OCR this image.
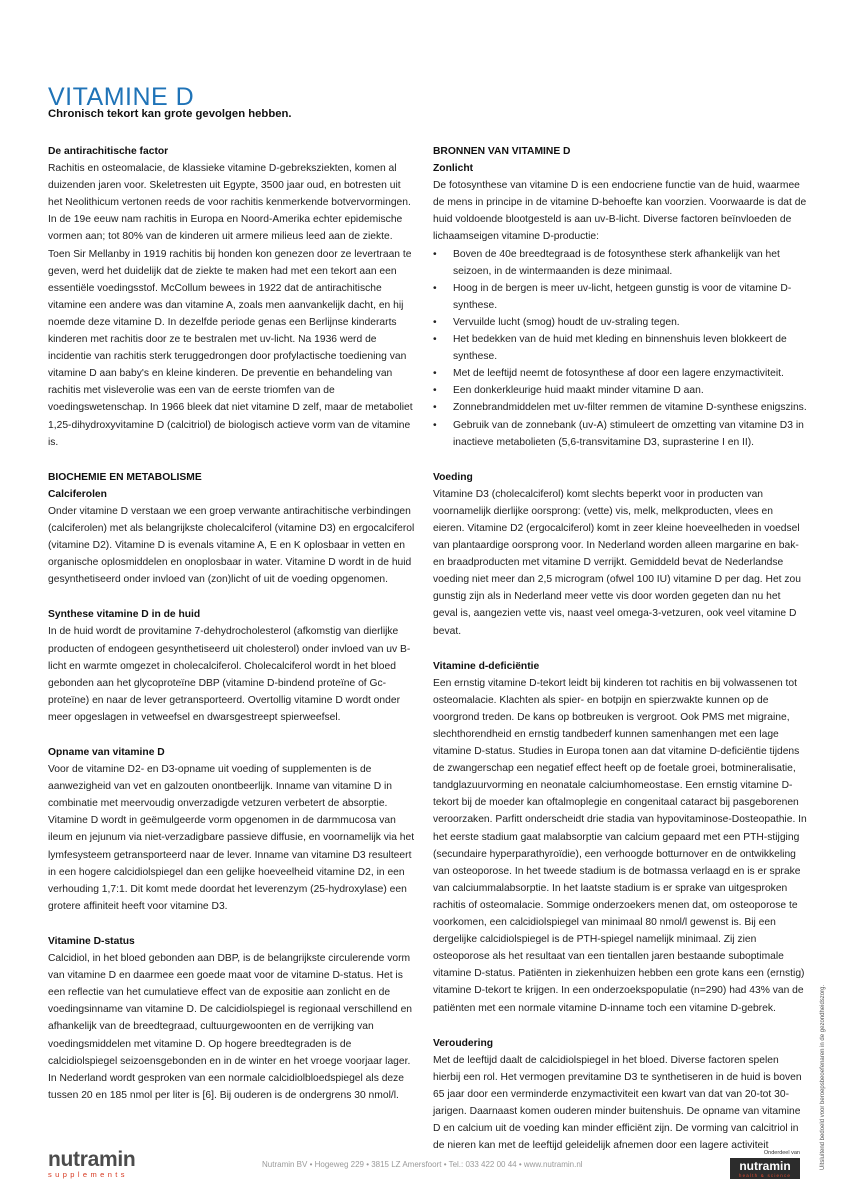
VITAMINE D
Chronisch tekort kan grote gevolgen hebben.
De antirachitische factor

Rachitis en osteomalacie, de klassieke vitamine D-gebreksziekten, komen al duizenden jaren voor. Skeletresten uit Egypte, 3500 jaar oud, en botresten uit het Neolithicum vertonen reeds de voor rachitis kenmerkende botvervormingen. In de 19e eeuw nam rachitis in Europa en Noord-Amerika echter epidemische vormen aan; tot 80% van de kinderen uit armere milieus leed aan de ziekte. Toen Sir Mellanby in 1919 rachitis bij honden kon genezen door ze levertraan te geven, werd het duidelijk dat de ziekte te maken had met een tekort aan een essentiële voedingsstof. McCollum bewees in 1922 dat de antirachitische vitamine een andere was dan vitamine A, zoals men aanvankelijk dacht, en hij noemde deze vitamine D. In dezelfde periode genas een Berlijnse kinderarts kinderen met rachitis door ze te bestralen met uv-licht. Na 1936 werd de incidentie van rachitis sterk teruggedrongen door profylactische toediening van vitamine D aan baby's en kleine kinderen. De preventie en behandeling van rachitis met visleverolie was een van de eerste triomfen van de voedingswetenschap. In 1966 bleek dat niet vitamine D zelf, maar de metaboliet 1,25-dihydroxyvitamine D (calcitriol) de biologisch actieve vorm van de vitamine is.

BIOCHEMIE EN METABOLISME
Calciferolen

Onder vitamine D verstaan we een groep verwante antirachitische verbindingen (calciferolen) met als belangrijkste cholecalciferol (vitamine D3) en ergocalciferol (vitamine D2). Vitamine D is evenals vitamine A, E en K oplosbaar in vetten en organische oplosmiddelen en onoplosbaar in water. Vitamine D wordt in de huid gesynthetiseerd onder invloed van (zon)licht of uit de voeding opgenomen.

Synthese vitamine D in de huid

In de huid wordt de provitamine 7-dehydrocholesterol (afkomstig van dierlijke producten of endogeen gesynthetiseerd uit cholesterol) onder invloed van uv B-licht en warmte omgezet in cholecalciferol. Cholecalciferol wordt in het bloed gebonden aan het glycoproteïne DBP (vitamine D-bindend proteïne of Gc-proteïne) en naar de lever getransporteerd. Overtollig vitamine D wordt onder meer opgeslagen in vetweefsel en dwarsgestreept spierweefsel.

Opname van vitamine D

Voor de vitamine D2- en D3-opname uit voeding of supplementen is de aanwezigheid van vet en galzouten onontbeerlijk. Inname van vitamine D in combinatie met meervoudig onverzadigde vetzuren verbetert de absorptie. Vitamine D wordt in geëmulgeerde vorm opgenomen in de darmmucosa van ileum en jejunum via niet-verzadigbare passieve diffusie, en voornamelijk via het lymfesysteem getransporteerd naar de lever. Inname van vitamine D3 resulteert in een hogere calcidiolspiegel dan een gelijke hoeveelheid vitamine D2, in een verhouding 1,7:1. Dit komt mede doordat het leverenzym (25-hydroxylase) een grotere affiniteit heeft voor vitamine D3.

Vitamine D-status

Calcidiol, in het bloed gebonden aan DBP, is de belangrijkste circulerende vorm van vitamine D en daarmee een goede maat voor de vitamine D-status. Het is een reflectie van het cumulatieve effect van de expositie aan zonlicht en de voedingsinname van vitamine D. De calcidiolspiegel is regionaal verschillend en afhankelijk van de breedtegraad, cultuurgewoonten en de verrijking van voedingsmiddelen met vitamine D. Op hogere breedtegraden is de calcidiolspiegel seizoensgebonden en in de winter en het vroege voorjaar lager. In Nederland wordt gesproken van een normale calcidiolbloedspiegel als deze tussen 20 en 185 nmol per liter is [6]. Bij ouderen is de ondergrens 30 nmol/l.

BRONNEN VAN VITAMINE D
Zonlicht

De fotosynthese van vitamine D is een endocriene functie van de huid, waarmee de mens in principe in de vitamine D-behoefte kan voorzien. Voorwaarde is dat de huid voldoende blootgesteld is aan uv-B-licht. Diverse factoren beïnvloeden de lichaamseigen vitamine D-productie:

• Boven de 40e breedtegraad is de fotosynthese sterk afhankelijk van het seizoen, in de wintermaanden is deze minimaal.
• Hoog in de bergen is meer uv-licht, hetgeen gunstig is voor de vitamine D-synthese.
• Vervuilde lucht (smog) houdt de uv-straling tegen.
• Het bedekken van de huid met kleding en binnenshuis leven blokkeert de synthese.
• Met de leeftijd neemt de fotosynthese af door een lagere enzymactiviteit.
• Een donkerkleurige huid maakt minder vitamine D aan.
• Zonnebrandmiddelen met uv-filter remmen de vitamine D-synthese enigszins.
• Gebruik van de zonnebank (uv-A) stimuleert de omzetting van vitamine D3 in inactieve metabolieten (5,6-transvitamine D3, suprasterine I en II).
Voeding

Vitamine D3 (cholecalciferol) komt slechts beperkt voor in producten van voornamelijk dierlijke oorsprong: (vette) vis, melk, melkproducten, vlees en eieren. Vitamine D2 (ergocalciferol) komt in zeer kleine hoeveelheden in voedsel van plantaardige oorsprong voor. In Nederland worden alleen margarine en bak- en braadproducten met vitamine D verrijkt. Gemiddeld bevat de Nederlandse voeding niet meer dan 2,5 microgram (ofwel 100 IU) vitamine D per dag. Het zou gunstig zijn als in Nederland meer vette vis door worden gegeten dan nu het geval is, aangezien vette vis, naast veel omega-3-vetzuren, ook veel vitamine D bevat.

Vitamine d-deficiëntie

Een ernstig vitamine D-tekort leidt bij kinderen tot rachitis en bij volwassenen tot osteomalacie. Klachten als spier- en botpijn en spierzwakte kunnen op de voorgrond treden. De kans op botbreuken is vergroot. Ook PMS met migraine, slechthorendheid en ernstig tandbederf kunnen samenhangen met een lage vitamine D-status. Studies in Europa tonen aan dat vitamine D-deficiëntie tijdens de zwangerschap een negatief effect heeft op de foetale groei, botmineralisatie, tandglazuurvorming en neonatale calciumhomeostase. Een ernstig vitamine D-tekort bij de moeder kan oftalmoplegie en congenitaal cataract bij pasgeborenen veroorzaken. Parfitt onderscheidt drie stadia van hypovitaminose-Dosteopathie. In het eerste stadium gaat malabsorptie van calcium gepaard met een PTH-stijging (secundaire hyperparathyroïdie), een verhoogde botturnover en de ontwikkeling van osteoporose. In het tweede stadium is de botmassa verlaagd en is er sprake van calciummalabsorptie. In het laatste stadium is er sprake van uitgesproken rachitis of osteomalacie. Sommige onderzoekers menen dat, om osteoporose te voorkomen, een calcidiolspiegel van minimaal 80 nmol/l gewenst is. Bij een dergelijke calcidiolspiegel is de PTH-spiegel namelijk minimaal. Zij zien osteoporose als het resultaat van een tientallen jaren bestaande suboptimale vitamine D-status. Patiënten in ziekenhuizen hebben een grote kans een (ernstig) vitamine D-tekort te krijgen. In een onderzoekspopulatie (n=290) had 43% van de patiënten met een normale vitamine D-inname toch een vitamine D-gebrek.

Veroudering

Met de leeftijd daalt de calcidiolspiegel in het bloed. Diverse factoren spelen hierbij een rol. Het vermogen previtamine D3 te synthetiseren in de huid is boven 65 jaar door een verminderde enzymactiviteit een kwart van dat van 20-tot 30-jarigen. Daarnaast komen ouderen minder buitenshuis. De opname van vitamine D en calcium uit de voeding kan minder efficiënt zijn. De vorming van calcitriol in de nieren kan met de leeftijd geleidelijk afnemen door een lagere activiteit	Uitsluitend bedoeld voor beroepsbeoefenaren in de gezondheidszorg.
nutramin
supplements
Nutramin BV • Hogeweg 229 • 3815 LZ Amersfoort • Tel.: 033 422 00 44 • www.nutramin.nl
Onderdeel van
nutramin
health & science
